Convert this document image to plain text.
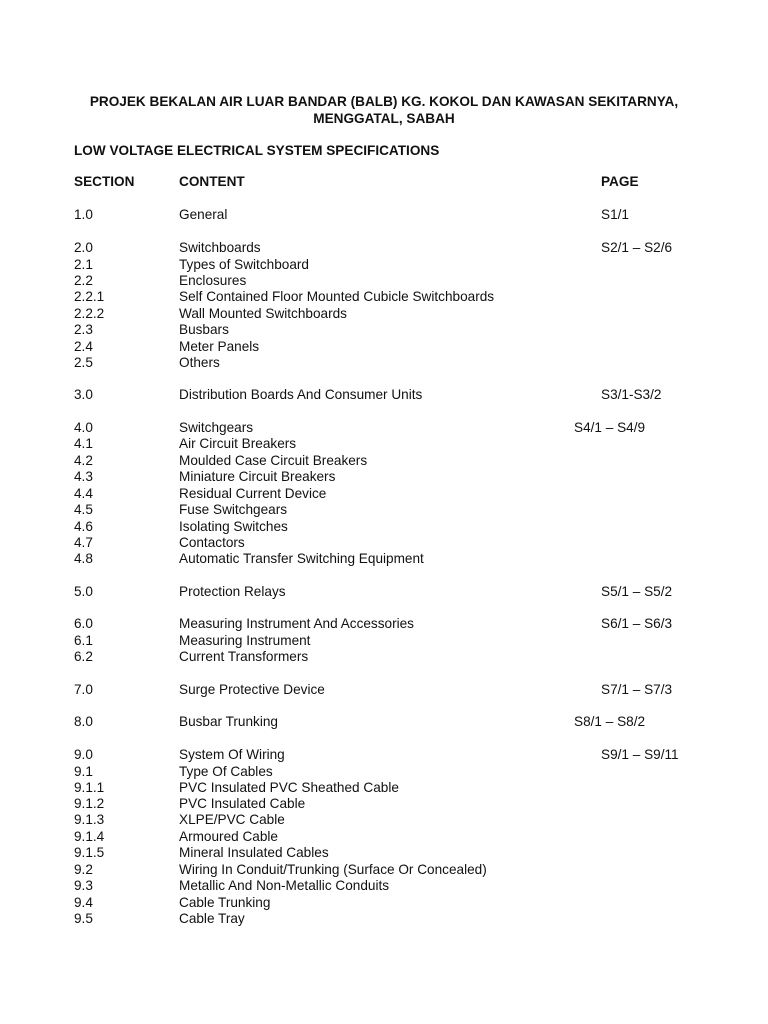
PROJEK BEKALAN AIR LUAR BANDAR (BALB) KG. KOKOL DAN KAWASAN SEKITARNYA,
MENGGATAL, SABAH
LOW VOLTAGE ELECTRICAL SYSTEM SPECIFICATIONS
SECTION	CONTENT	PAGE
1.0	General	S1/1
2.0	Switchboards	S2/1 – S2/6
2.1	Types of Switchboard
2.2	Enclosures
2.2.1	Self Contained Floor Mounted Cubicle Switchboards
2.2.2	Wall Mounted Switchboards
2.3	Busbars
2.4	Meter Panels
2.5	Others
3.0	Distribution Boards And Consumer Units	S3/1-S3/2
4.0	Switchgears	S4/1 – S4/9
4.1	Air Circuit Breakers
4.2	Moulded Case Circuit Breakers
4.3	Miniature Circuit Breakers
4.4	Residual Current Device
4.5	Fuse Switchgears
4.6	Isolating Switches
4.7	Contactors
4.8	Automatic Transfer Switching Equipment
5.0	Protection Relays	S5/1 – S5/2
6.0	Measuring Instrument And Accessories	S6/1 – S6/3
6.1	Measuring Instrument
6.2	Current Transformers
7.0	Surge Protective Device	S7/1 – S7/3
8.0	Busbar Trunking	S8/1 – S8/2
9.0	System Of Wiring	S9/1 – S9/11
9.1	Type Of Cables
9.1.1	PVC Insulated PVC Sheathed Cable
9.1.2	PVC Insulated Cable
9.1.3	XLPE/PVC Cable
9.1.4	Armoured Cable
9.1.5	Mineral Insulated Cables
9.2	Wiring In Conduit/Trunking (Surface Or Concealed)
9.3	Metallic And Non-Metallic Conduits
9.4	Cable Trunking
9.5	Cable Tray
